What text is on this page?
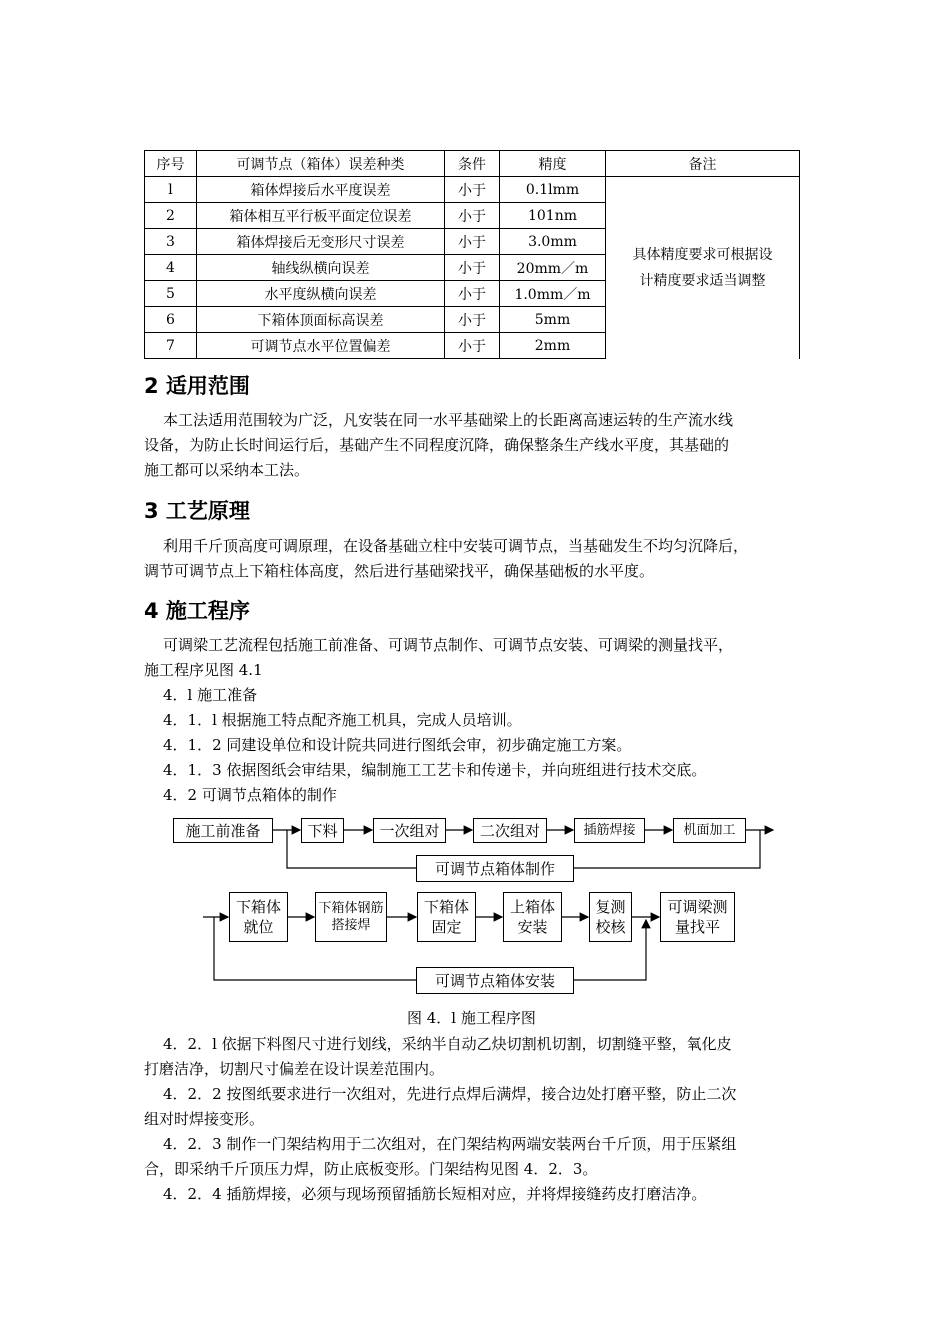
序号	可调节点（箱体）误差种类	条件	精度	备注
l	箱体焊接后水平度误差	小于	0.1lmm	具体精度要求可根据设
计精度要求适当调整

2	箱体相互平行板平面定位误差	小于	101nm	
3	箱体焊接后无变形尺寸误差	小于	3.0mm	
4	轴线纵横向误差	小于	20mm／m	
5	水平度纵横向误差	小于	1.0mm／m	
6	下箱体顶面标高误差	小于	5mm	
7	可调节点水平位置偏差	小于	2mm	
2 适用范围
本工法适用范围较为广泛，凡安装在同一水平基础梁上的长距离高速运转的生产流水线
设备，为防止长时间运行后，基础产生不同程度沉降，确保整条生产线水平度，其基础的
施工都可以采纳本工法。
3 工艺原理
利用千斤顶高度可调原理，在设备基础立柱中安装可调节点，当基础发生不均匀沉降后，
调节可调节点上下箱柱体高度，然后进行基础梁找平，确保基础板的水平度。
4 施工程序
可调梁工艺流程包括施工前准备、可调节点制作、可调节点安装、可调梁的测量找平，
施工程序见图 4.1
4．l 施工准备
4．1．l 根据施工特点配齐施工机具，完成人员培训。
4．1．2 同建设单位和设计院共同进行图纸会审，初步确定施工方案。
4．1．3 依据图纸会审结果，编制施工工艺卡和传递卡，并向班组进行技术交底。
4．2 可调节点箱体的制作
施工前准备	下料	一次组对	二次组对	插筋焊接	机面加工
可调节点箱体制作
下箱体
就位
下箱体钢筋
搭接焊
下箱体
固定
上箱体
安装
复测
校核
可调梁测
量找平
可调节点箱体安装
图 4．l 施工程序图
4．2．l 依据下料图尺寸进行划线，采纳半自动乙炔切割机切割，切割缝平整，氧化皮
打磨洁净，切割尺寸偏差在设计误差范围内。
4．2．2 按图纸要求进行一次组对，先进行点焊后满焊，接合边处打磨平整，防止二次
组对时焊接变形。
4．2．3 制作一门架结构用于二次组对，在门架结构两端安装两台千斤顶，用于压紧组
合，即采纳千斤顶压力焊，防止底板变形。门架结构见图 4．2．3。
4．2．4 插筋焊接，必须与现场预留插筋长短相对应，并将焊接缝药皮打磨洁净。
